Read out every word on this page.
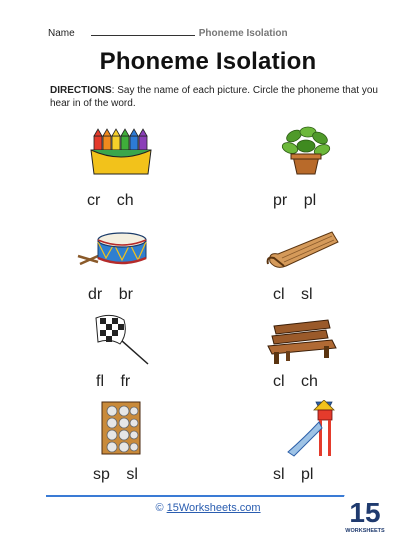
Name	Phoneme Isolation
Phoneme Isolation
DIRECTIONS: Say the name of each picture. Circle the phoneme that you hear in of the word.
cr ch	pr pl
dr br	cl sl
fl fr	cl ch
sp sl	sl pl
© 15Worksheets.com	15
WORKSHEETS
